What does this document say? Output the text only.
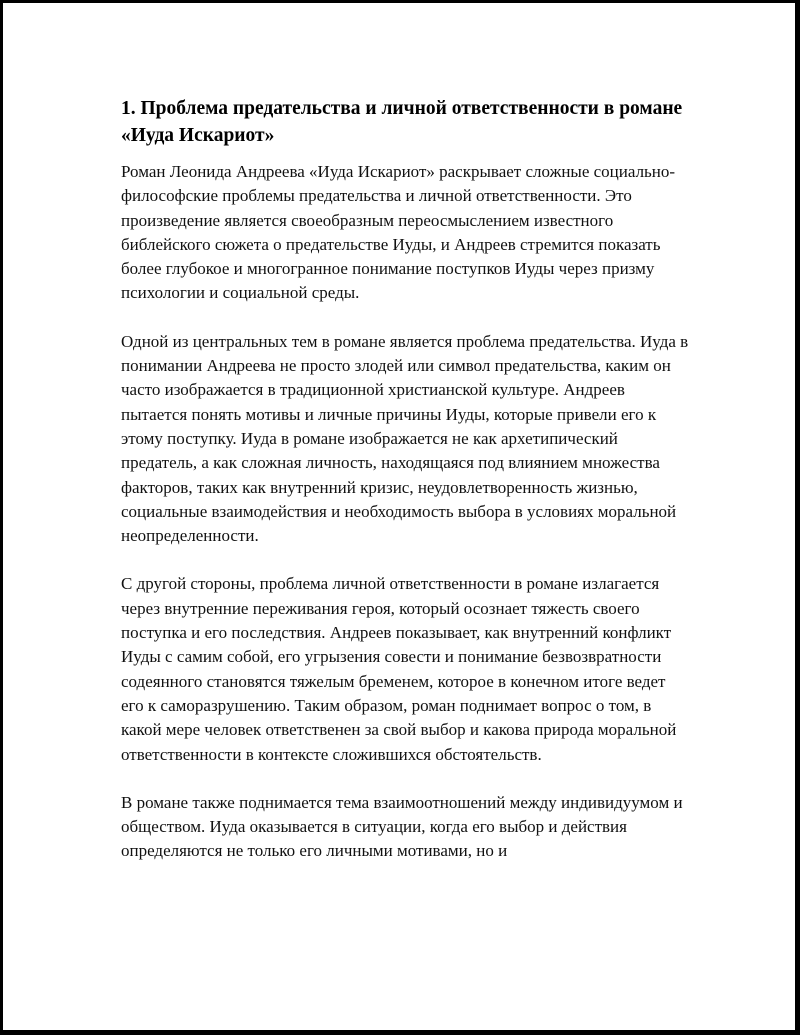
1. Проблема предательства и личной ответственности в романе «Иуда Искариот»

Роман Леонида Андреева «Иуда Искариот» раскрывает сложные социально-философские проблемы предательства и личной ответственности. Это произведение является своеобразным переосмыслением известного библейского сюжета о предательстве Иуды, и Андреев стремится показать более глубокое и многогранное понимание поступков Иуды через призму психологии и социальной среды.

Одной из центральных тем в романе является проблема предательства. Иуда в понимании Андреева не просто злодей или символ предательства, каким он часто изображается в традиционной христианской культуре. Андреев пытается понять мотивы и личные причины Иуды, которые привели его к этому поступку. Иуда в романе изображается не как архетипический предатель, а как сложная личность, находящаяся под влиянием множества факторов, таких как внутренний кризис, неудовлетворенность жизнью, социальные взаимодействия и необходимость выбора в условиях моральной неопределенности.

С другой стороны, проблема личной ответственности в романе излагается через внутренние переживания героя, который осознает тяжесть своего поступка и его последствия. Андреев показывает, как внутренний конфликт Иуды с самим собой, его угрызения совести и понимание безвозвратности содеянного становятся тяжелым бременем, которое в конечном итоге ведет его к саморазрушению. Таким образом, роман поднимает вопрос о том, в какой мере человек ответственен за свой выбор и какова природа моральной ответственности в контексте сложившихся обстоятельств.

В романе также поднимается тема взаимоотношений между индивидуумом и обществом. Иуда оказывается в ситуации, когда его выбор и действия определяются не только его личными мотивами, но и
